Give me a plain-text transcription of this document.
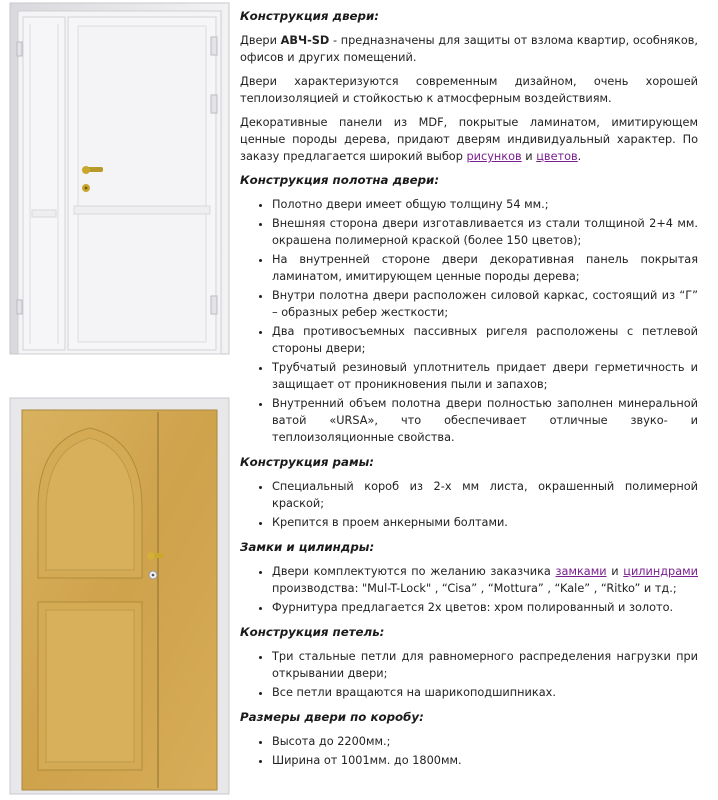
Конструкция двери:

Двери АВЧ-SD - предназначены для защиты от взлома квартир, особняков, офисов и других помещений.

Двери характеризуются современным дизайном, очень хорошей теплоизоляцией и стойкостью к атмосферным воздействиям.

Декоративные панели из MDF, покрытые ламинатом, имитирующем ценные породы дерева, придают дверям индивидуальный характер. По заказу предлагается широкий выбор рисунков и цветов.

Конструкция полотна двери:
• Полотно двери имеет общую толщину 54 мм.;
• Внешняя сторона двери изготавливается из стали толщиной 2+4 мм. окрашена полимерной краской (более 150 цветов);
• На внутренней стороне двери декоративная панель покрытая ламинатом, имитирующем ценные породы дерева;
• Внутри полотна двери расположен силовой каркас, состоящий из “Г” – образных ребер жесткости;
• Два противосъемных пассивных ригеля расположены с петлевой стороны двери;
• Трубчатый резиновый уплотнитель придает двери герметичность и защищает от проникновения пыли и запахов;
• Внутренний объем полотна двери полностью заполнен минеральной ватой «URSA», что обеспечивает отличные звуко- и теплоизоляционные свойства.
Конструкция рамы:
• Специальный короб из 2-х мм листа, окрашенный полимерной краской;
• Крепится в проем анкерными болтами.
Замки и цилиндры:
• Двери комплектуются по желанию заказчика замками и цилиндрами производства: "Mul-T-Lock" , “Cisa” , “Mottura” , “Kale” , “Ritko” и тд.;
• Фурнитура предлагается 2х цветов: хром полированный и золото.
Конструкция петель:
• Три стальные петли для равномерного распределения нагрузки при открывании двери;
• Все петли вращаются на шарикоподшипниках.
Размеры двери по коробу:
• Высота до 2200мм.;
• Ширина от 1001мм. до 1800мм.
